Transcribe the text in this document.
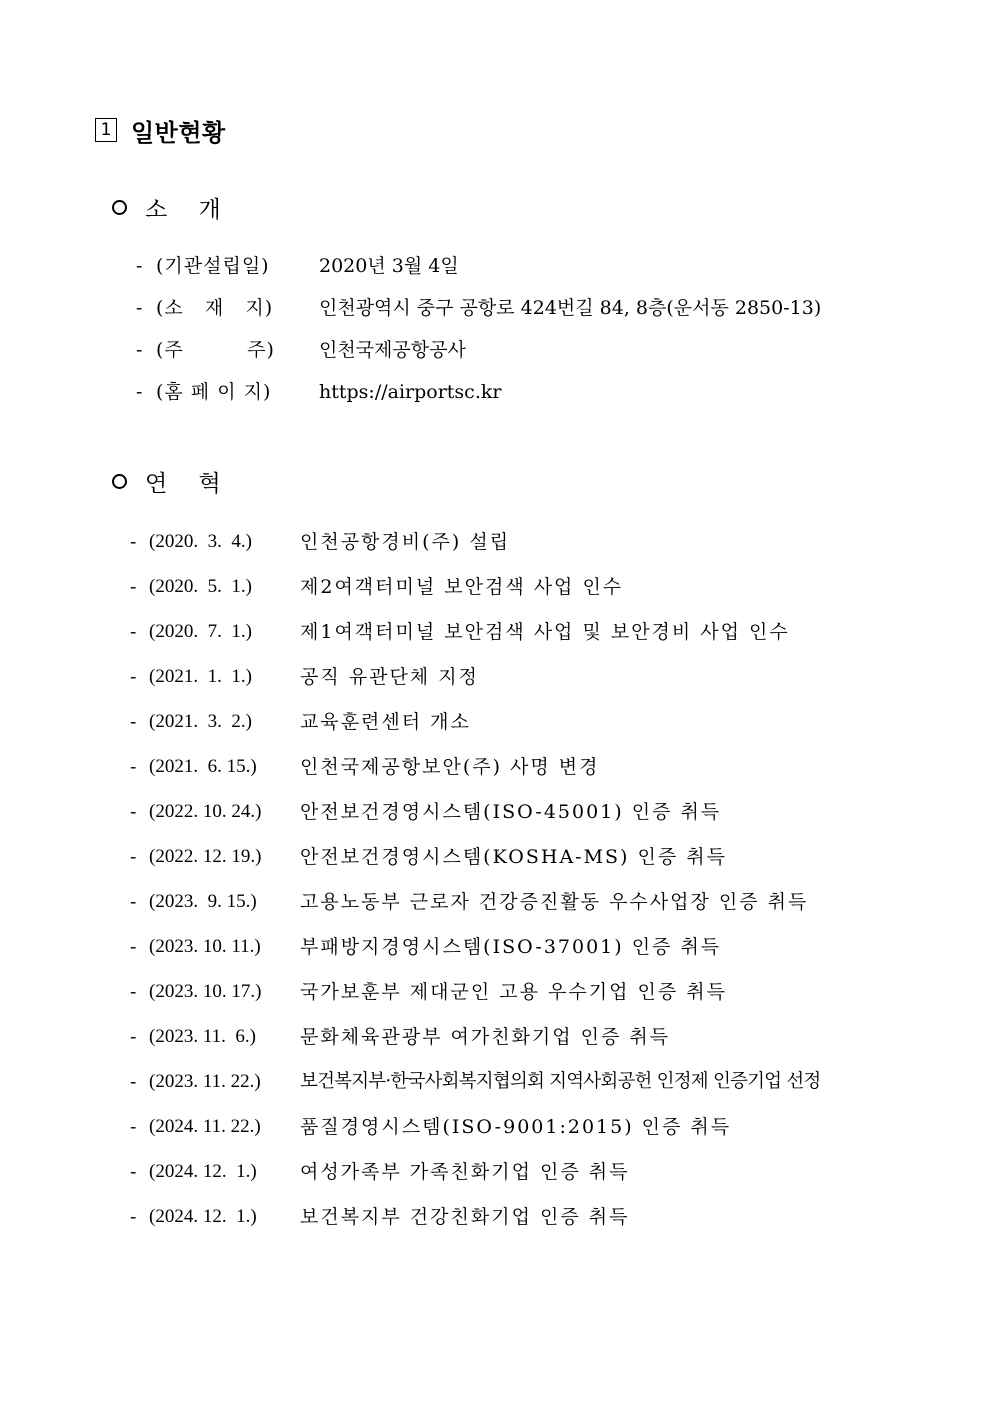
1 일반현황
소 개
- (기관설립일)	2020년 3월 4일
- (소   재   지) 인천광역시 중구 공항로 424번길 84, 8층(운서동 2850-13)
- (주         주) 인천국제공항공사
- (홈 페 이 지)	https://airportsc.kr
연 혁
- (2020.  3.  4.)	인천공항경비(주) 설립
- (2020.  5.  1.)	제2여객터미널 보안검색 사업 인수
- (2020.  7.  1.)	제1여객터미널 보안검색 사업 및 보안경비 사업 인수
- (2021.  1.  1.)	공직 유관단체 지정
- (2021.  3.  2.)	교육훈련센터 개소
- (2021.  6. 15.) 인천국제공항보안(주) 사명 변경
- (2022. 10. 24.) 안전보건경영시스템(ISO-45001) 인증 취득
- (2022. 12. 19.) 안전보건경영시스템(KOSHA-MS) 인증 취득
- (2023.  9. 15.) 고용노동부 근로자 건강증진활동 우수사업장 인증 취득
- (2023. 10. 11.) 부패방지경영시스템(ISO-37001) 인증 취득
- (2023. 10. 17.) 국가보훈부 제대군인 고용 우수기업 인증 취득
- (2023. 11.  6.) 문화체육관광부 여가친화기업 인증 취득
- (2023. 11. 22.) 보건복지부·한국사회복지협의회 지역사회공헌 인정제 인증기업 선정
- (2024. 11. 22.) 품질경영시스템(ISO-9001:2015) 인증 취득
- (2024. 12.  1.) 여성가족부 가족친화기업 인증 취득
- (2024. 12.  1.) 보건복지부 건강친화기업 인증 취득
